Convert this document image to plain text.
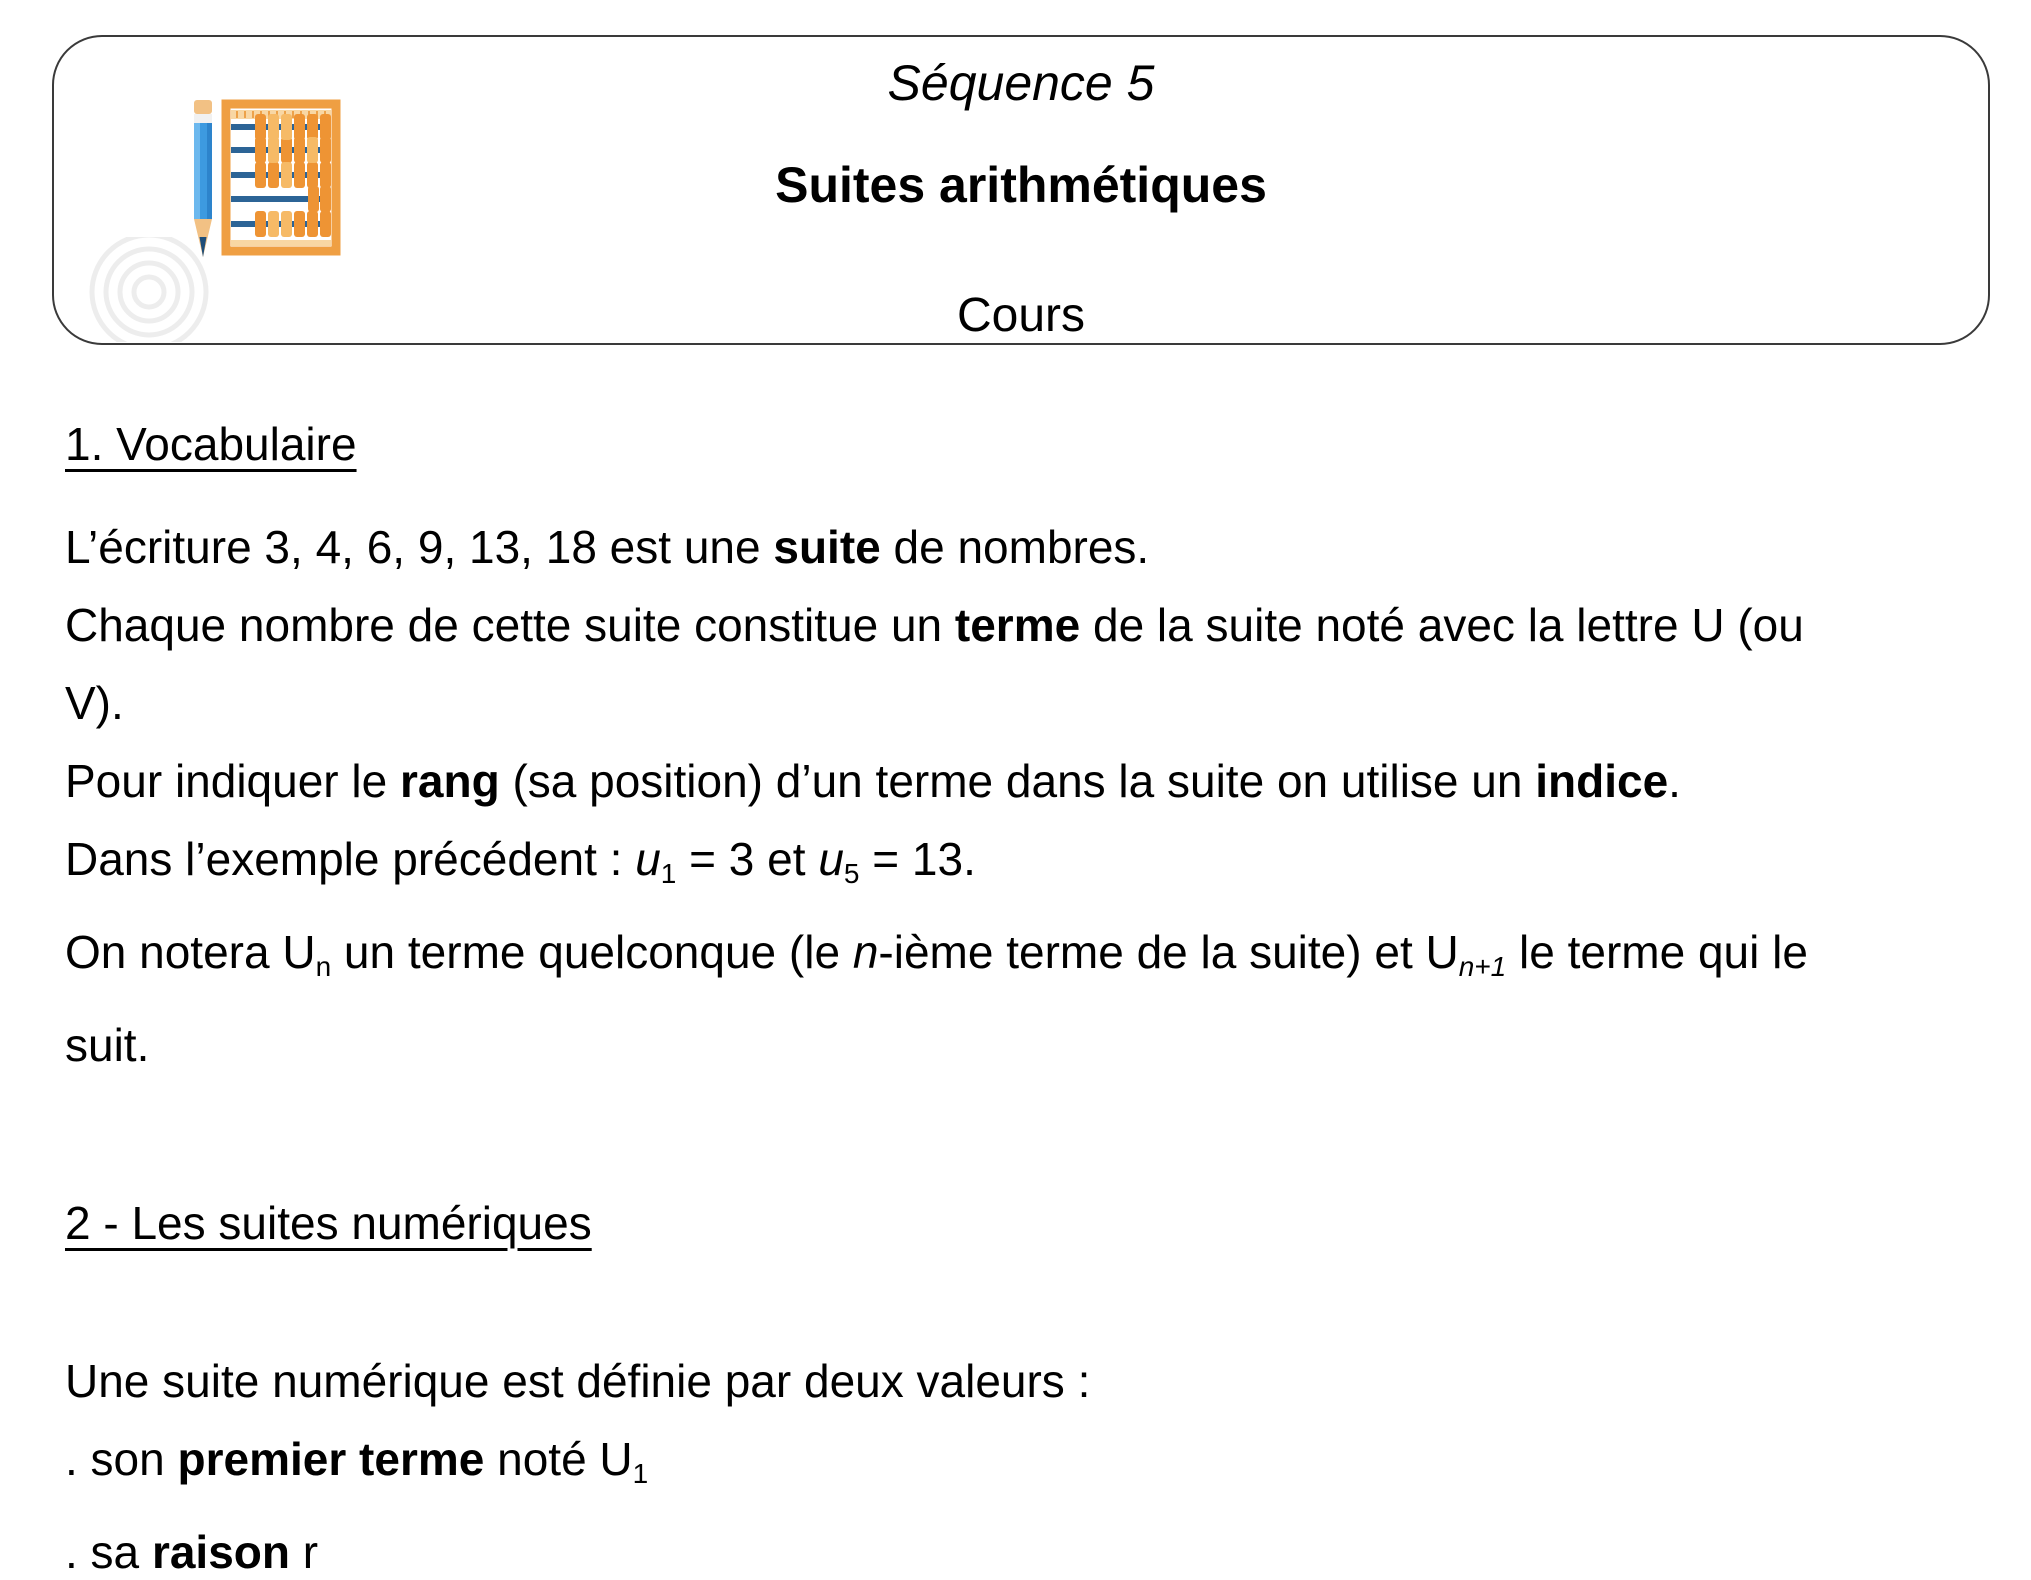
Séquence 5
Suites arithmétiques
Cours
1. Vocabulaire
L’écriture 3, 4, 6, 9, 13, 18 est une suite de nombres.
Chaque nombre de cette suite constitue un terme de la suite noté avec la lettre U (ou
V).
Pour indiquer le rang (sa position) d’un terme dans la suite on utilise un indice.
Dans l’exemple précédent : $u_1 = 3$ et $u_5 = 13$.
On notera $U_n$ un terme quelconque (le n-ième terme de la suite) et $U_{n+1}$ le terme qui le
suit.
2 - Les suites numériques
Une suite numérique est définie par deux valeurs :
. son premier terme noté $U_1$
. sa raison r
